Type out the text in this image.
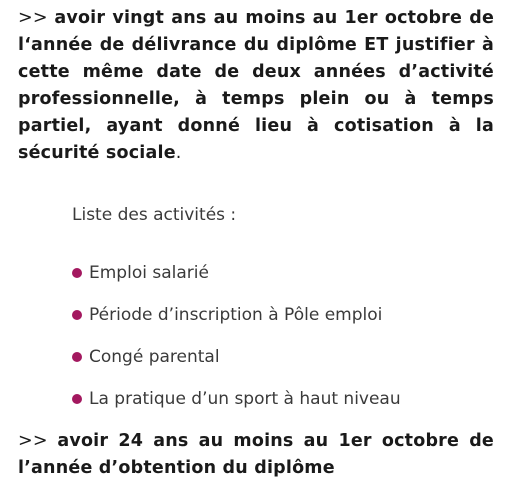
>> avoir vingt ans au moins au 1er octobre de l‘année de délivrance du diplôme ET justifier à cette même date de deux années d’activité professionnelle, à temps plein ou à temps partiel, ayant donné lieu à cotisation à la sécurité sociale.

Liste des activités :
Emploi salarié
Période d’inscription à Pôle emploi
Congé parental
La pratique d’un sport à haut niveau

>> avoir 24 ans au moins au 1er octobre de l’année d’obtention du diplôme
